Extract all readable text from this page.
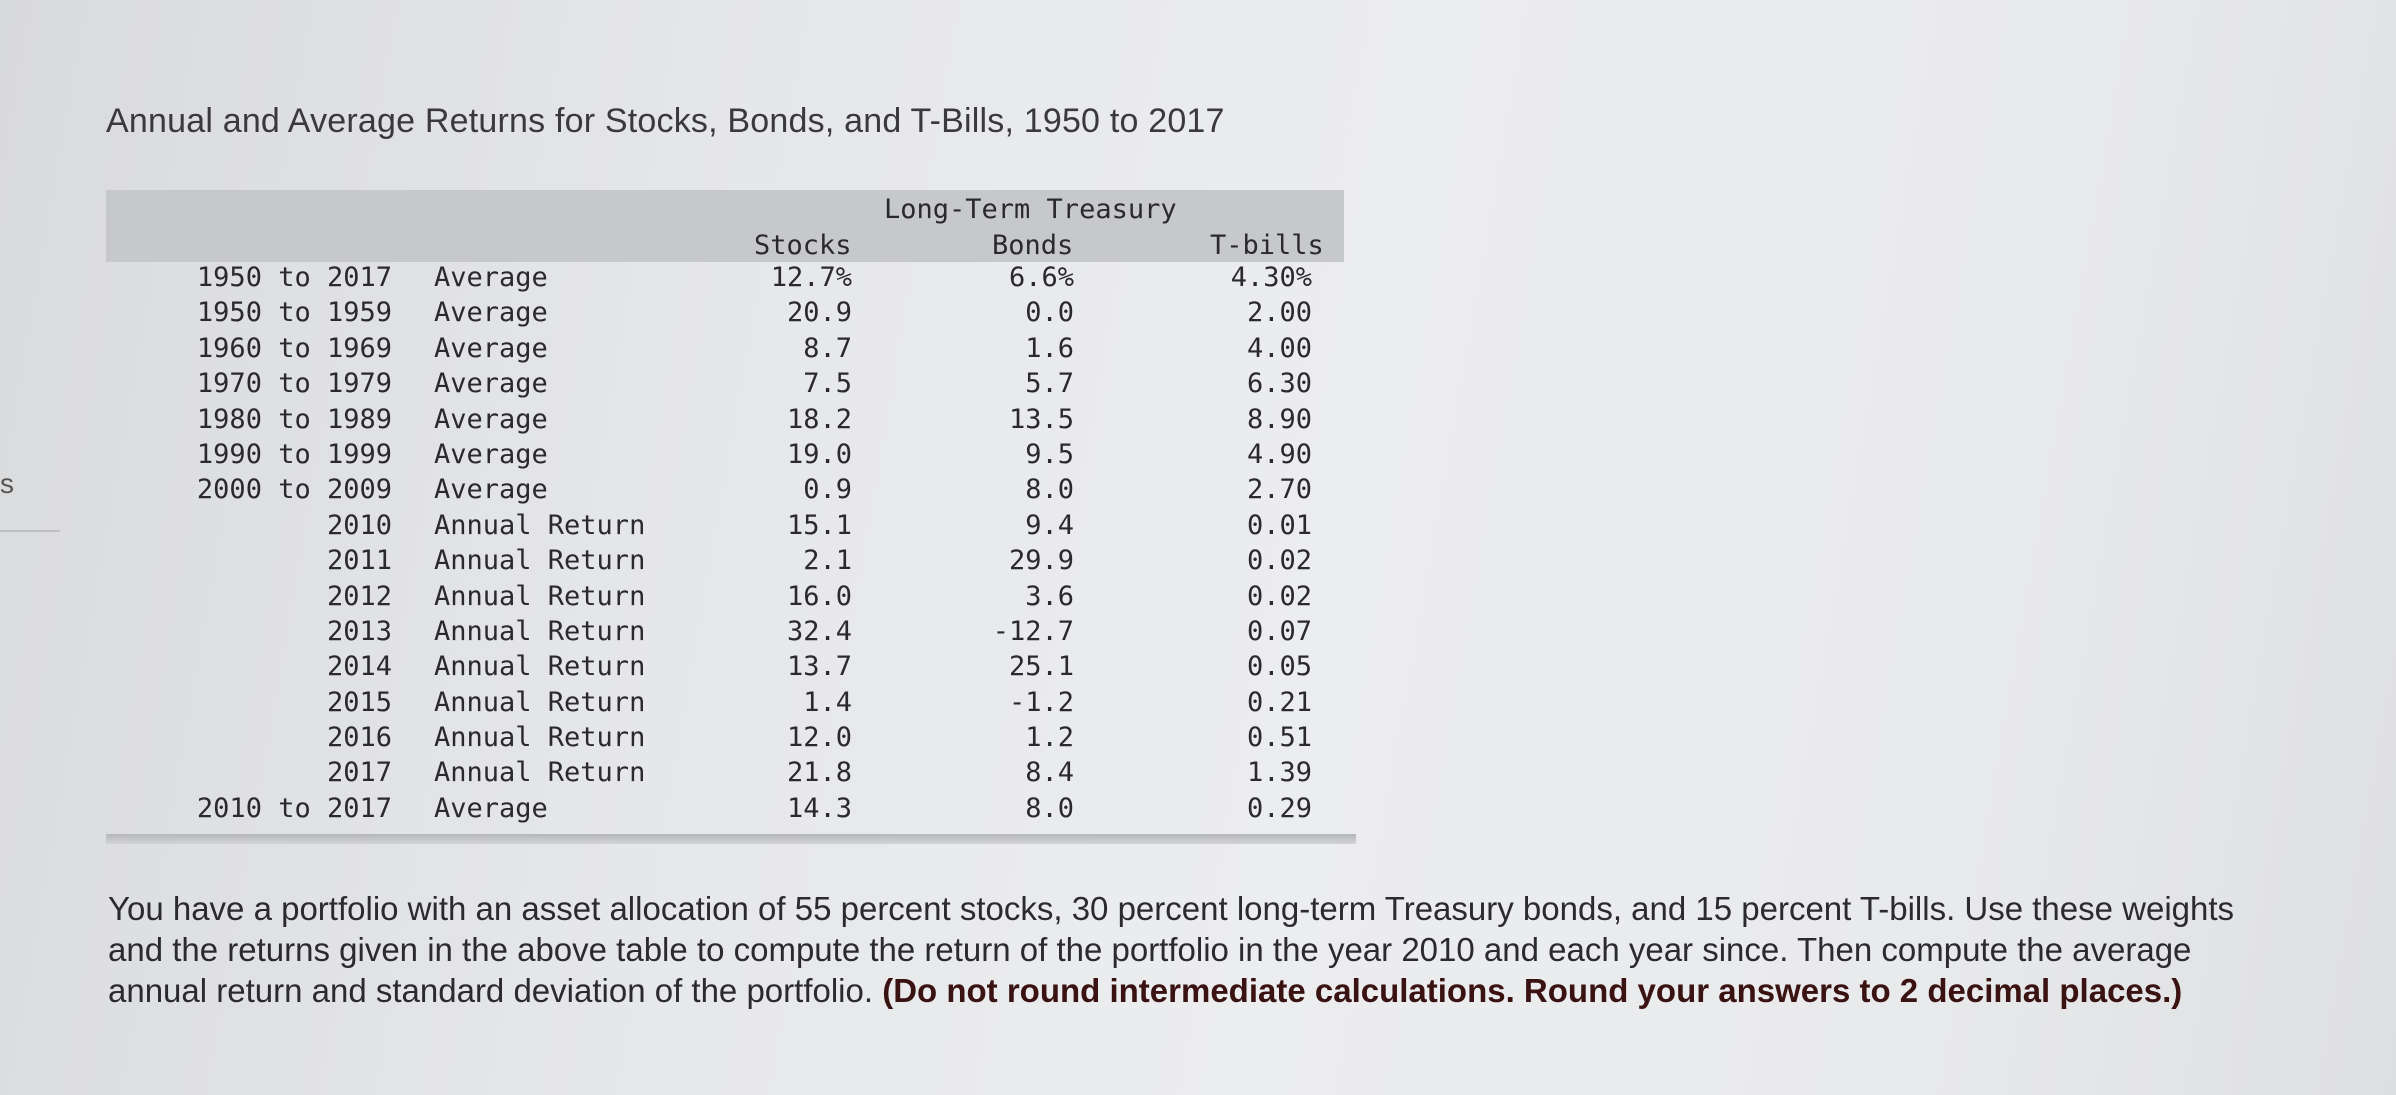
s
Annual and Average Returns for Stocks, Bonds, and T-Bills, 1950 to 2017
Stocks
Long-Term Treasury
Bonds	T-bills
1950 to 2017 Average	12.7%	6.6%	4.30%
1950 to 1959 Average	20.9	0.0	2.00
1960 to 1969 Average	8.7	1.6	4.00
1970 to 1979 Average	7.5	5.7	6.30
1980 to 1989 Average	18.2	13.5	8.90
1990 to 1999 Average	19.0	9.5	4.90
2000 to 2009 Average	0.9	8.0	2.70
2010 Annual Return	15.1	9.4	0.01
2011 Annual Return	2.1	29.9	0.02
2012 Annual Return	16.0	3.6	0.02
2013 Annual Return	32.4	-12.7	0.07
2014 Annual Return	13.7	25.1	0.05
2015 Annual Return	1.4	-1.2	0.21
2016 Annual Return	12.0	1.2	0.51
2017 Annual Return	21.8	8.4	1.39
2010 to 2017 Average	14.3	8.0	0.29
You have a portfolio with an asset allocation of 55 percent stocks, 30 percent long-term Treasury bonds, and 15 percent T-bills. Use these weights and the returns given in the above table to compute the return of the portfolio in the year 2010 and each year since. Then compute the average annual return and standard deviation of the portfolio. (Do not round intermediate calculations. Round your answers to 2 decimal places.)
